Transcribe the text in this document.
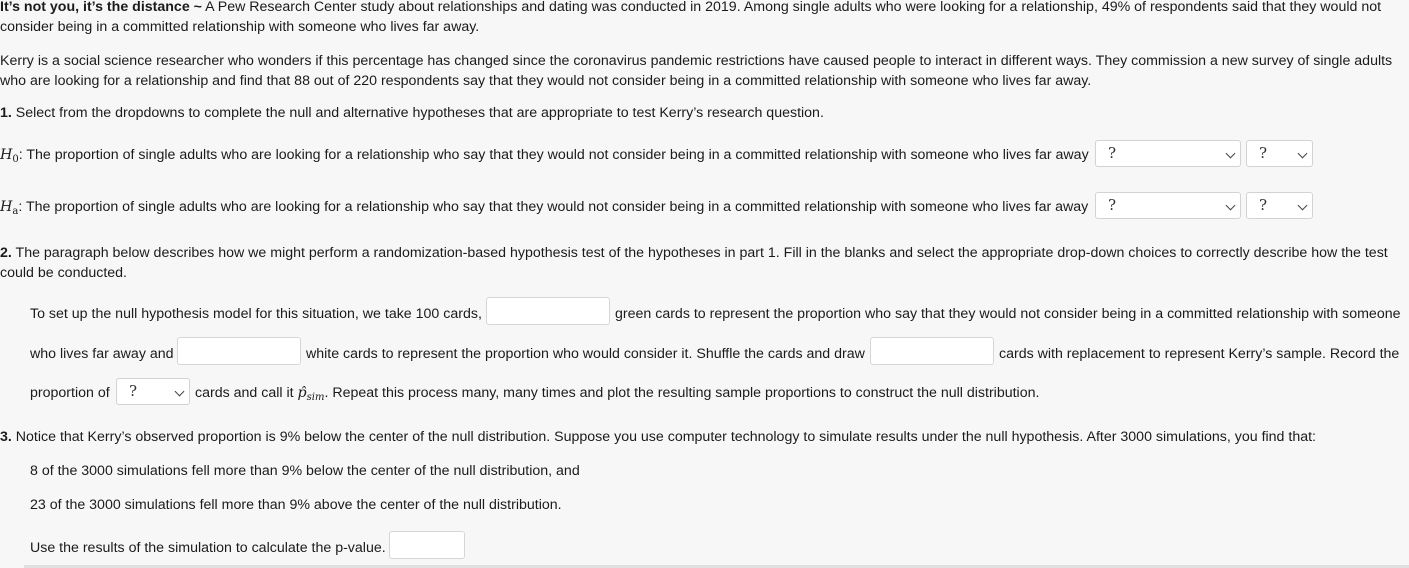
It’s not you, it’s the distance ~ A Pew Research Center study about relationships and dating was conducted in 2019. Among single adults who were looking for a relationship, 49% of respondents said that they would not consider being in a committed relationship with someone who lives far away.
Kerry is a social science researcher who wonders if this percentage has changed since the coronavirus pandemic restrictions have caused people to interact in different ways. They commission a new survey of single adults who are looking for a relationship and find that 88 out of 220 respondents say that they would not consider being in a committed relationship with someone who lives far away.
1. Select from the dropdowns to complete the null and alternative hypotheses that are appropriate to test Kerry’s research question.
$H_0$: The proportion of single adults who are looking for a relationship who say that they would not consider being in a committed relationship with someone who lives far away	?	?
$H_a$: The proportion of single adults who are looking for a relationship who say that they would not consider being in a committed relationship with someone who lives far away	?	?
2. The paragraph below describes how we might perform a randomization-based hypothesis test of the hypotheses in part 1. Fill in the blanks and select the appropriate drop-down choices to correctly describe how the test could be conducted.
To set up the null hypothesis model for this situation, we take 100 cards,	green cards to represent the proportion who say that they would not consider being in a committed relationship with someone
who lives far away and	white cards to represent the proportion who would consider it. Shuffle the cards and draw	cards with replacement to represent Kerry’s sample. Record the
proportion of	?	cards and call it $p̂_{sim}$. Repeat this process many, many times and plot the resulting sample proportions to construct the null distribution.
3. Notice that Kerry’s observed proportion is 9% below the center of the null distribution. Suppose you use computer technology to simulate results under the null hypothesis. After 3000 simulations, you find that:
8 of the 3000 simulations fell more than 9% below the center of the null distribution, and
23 of the 3000 simulations fell more than 9% above the center of the null distribution.
Use the results of the simulation to calculate the p-value.
